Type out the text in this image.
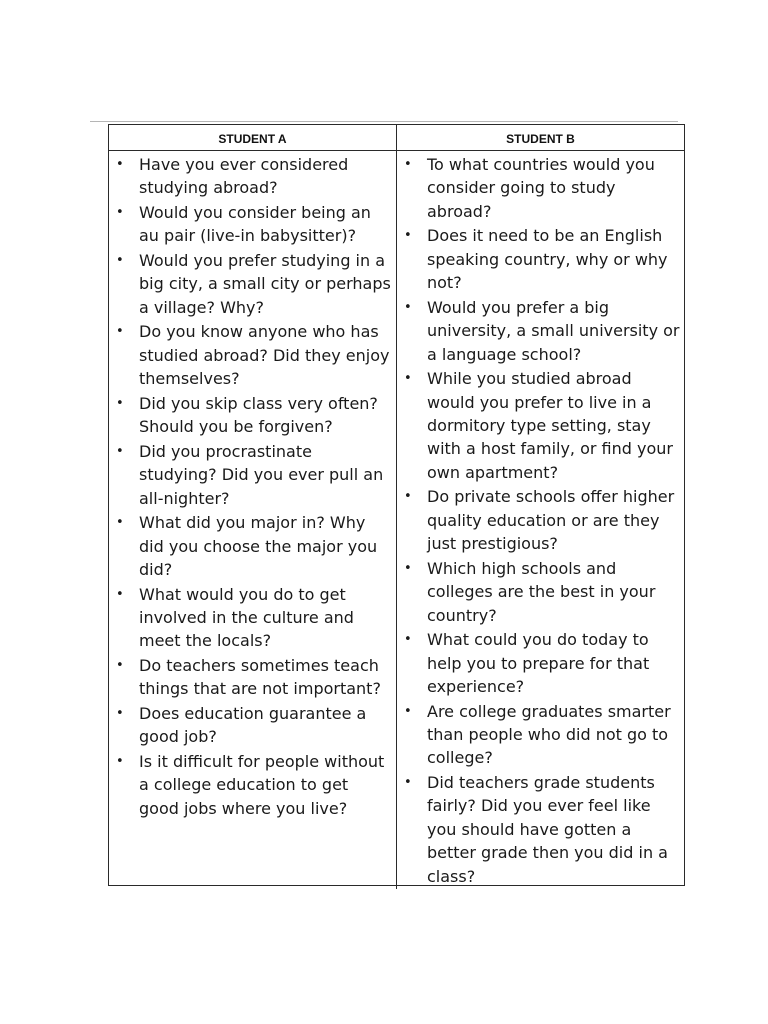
STUDENT A	STUDENT B
• Have you ever considered studying abroad?
• Would you consider being an au pair (live-in babysitter)?
• Would you prefer studying in a big city, a small city or perhaps a village? Why?
• Do you know anyone who has studied abroad? Did they enjoy themselves?
• Did you skip class very often? Should you be forgiven?
• Did you procrastinate studying? Did you ever pull an all-nighter?
• What did you major in? Why did you choose the major you did?
• What would you do to get involved in the culture and meet the locals?
• Do teachers sometimes teach things that are not important?
• Does education guarantee a good job?
• Is it difficult for people without a college education to get good jobs where you live?
• To what countries would you consider going to study abroad?
• Does it need to be an English speaking country, why or why not?
• Would you prefer a big university, a small university or a language school?
• While you studied abroad would you prefer to live in a dormitory type setting, stay with a host family, or find your own apartment?
• Do private schools offer higher quality education or are they just prestigious?
• Which high schools and colleges are the best in your country?
• What could you do today to help you to prepare for that experience?
• Are college graduates smarter than people who did not go to college?
• Did teachers grade students fairly? Did you ever feel like you should have gotten a better grade then you did in a class?
